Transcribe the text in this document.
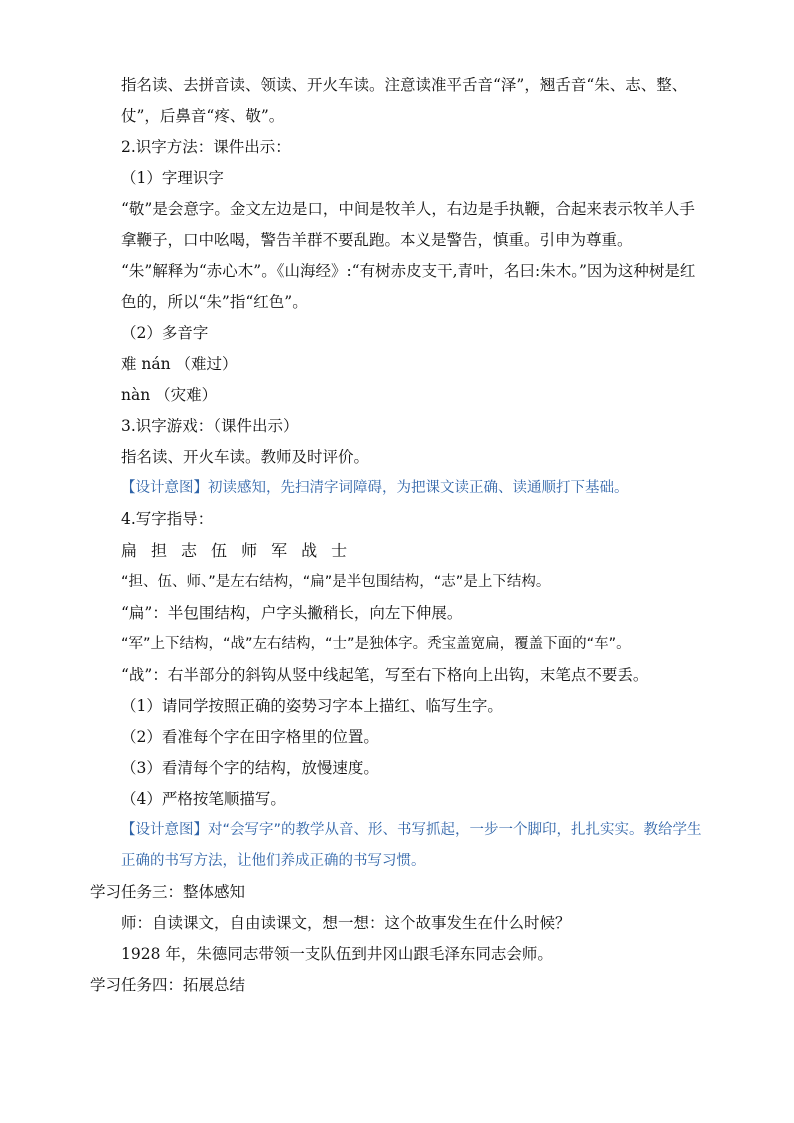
指名读、去拼音读、领读、开火车读。注意读准平舌音“泽”，翘舌音“朱、志、整、仗”，后鼻音“疼、敬”。
2.识字方法：课件出示：
（1）字理识字
“敬”是会意字。金文左边是口，中间是牧羊人，右边是手执鞭，合起来表示牧羊人手拿鞭子，口中吆喝，警告羊群不要乱跑。本义是警告，慎重。引申为尊重。
“朱”解释为“赤心木”。《山海经》:“有树赤皮支干,青叶，名曰:朱木。”因为这种树是红色的，所以“朱”指“红色”。
（2）多音字
难 nán （难过）
nàn （灾难）
3.识字游戏：（课件出示）
指名读、开火车读。教师及时评价。
【设计意图】初读感知，先扫清字词障碍，为把课文读正确、读通顺打下基础。
4.写字指导：
扁 担 志 伍 师 军 战 士
“担、伍、师、”是左右结构，“扁”是半包围结构，“志”是上下结构。
“扁”：半包围结构，户字头撇稍长，向左下伸展。
“军”上下结构，“战”左右结构，“士”是独体字。秃宝盖宽扁，覆盖下面的“车”。
“战”：右半部分的斜钩从竖中线起笔，写至右下格向上出钩，末笔点不要丢。
（1）请同学按照正确的姿势习字本上描红、临写生字。
（2）看准每个字在田字格里的位置。
（3）看清每个字的结构，放慢速度。
（4）严格按笔顺描写。
【设计意图】对“会写字”的教学从音、形、书写抓起，一步一个脚印，扎扎实实。教给学生正确的书写方法，让他们养成正确的书写习惯。
学习任务三：整体感知
师：自读课文，自由读课文，想一想：这个故事发生在什么时候？
1928 年，朱德同志带领一支队伍到井冈山跟毛泽东同志会师。
学习任务四：拓展总结
